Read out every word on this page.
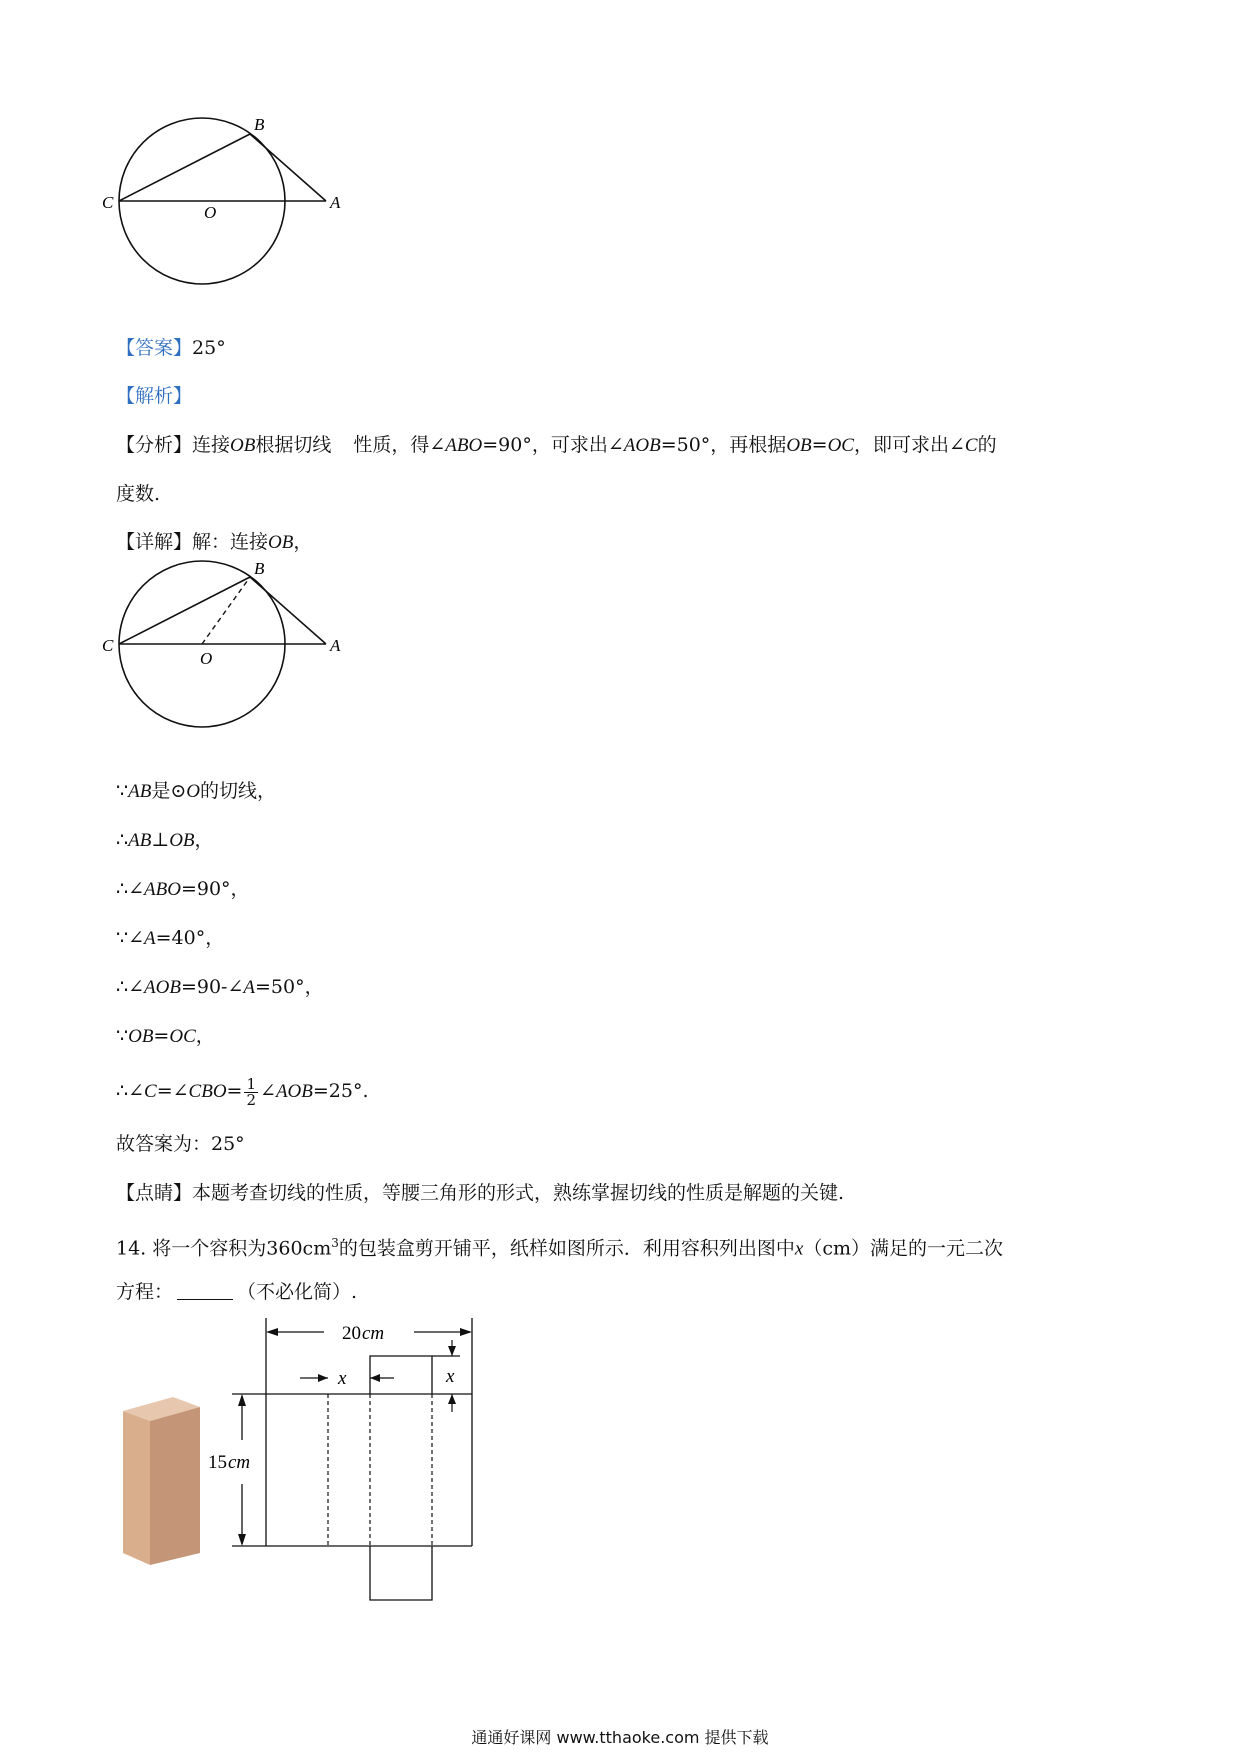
B
C
O
A
【答案】25°
【解析】
【分析】连接OB根据切线 性质，得∠ABO=90°，可求出∠AOB=50°，再根据OB=OC，即可求出∠C的
度数.
【详解】解：连接OB，
B
C
O
A
∵AB是⊙O的切线，
∴AB⊥OB，
∴∠ABO=90°，
∵∠A=40°，
∴∠AOB=90-∠A=50°，
∵OB=OC，
∴∠C=∠CBO= $\frac{1}{2}$ ∠AOB=25°.
故答案为：25°
【点睛】本题考查切线的性质，等腰三角形的形式，熟练掌握切线的性质是解题的关键.
14. 将一个容积为$360cm^3$的包装盒剪开铺平，纸样如图所示．利用容积列出图中x（cm）满足的一元二次
方程：	（不必化简）.
20 cm
x	x
15 cm
通通好课网 www.tthaoke.com 提供下载
